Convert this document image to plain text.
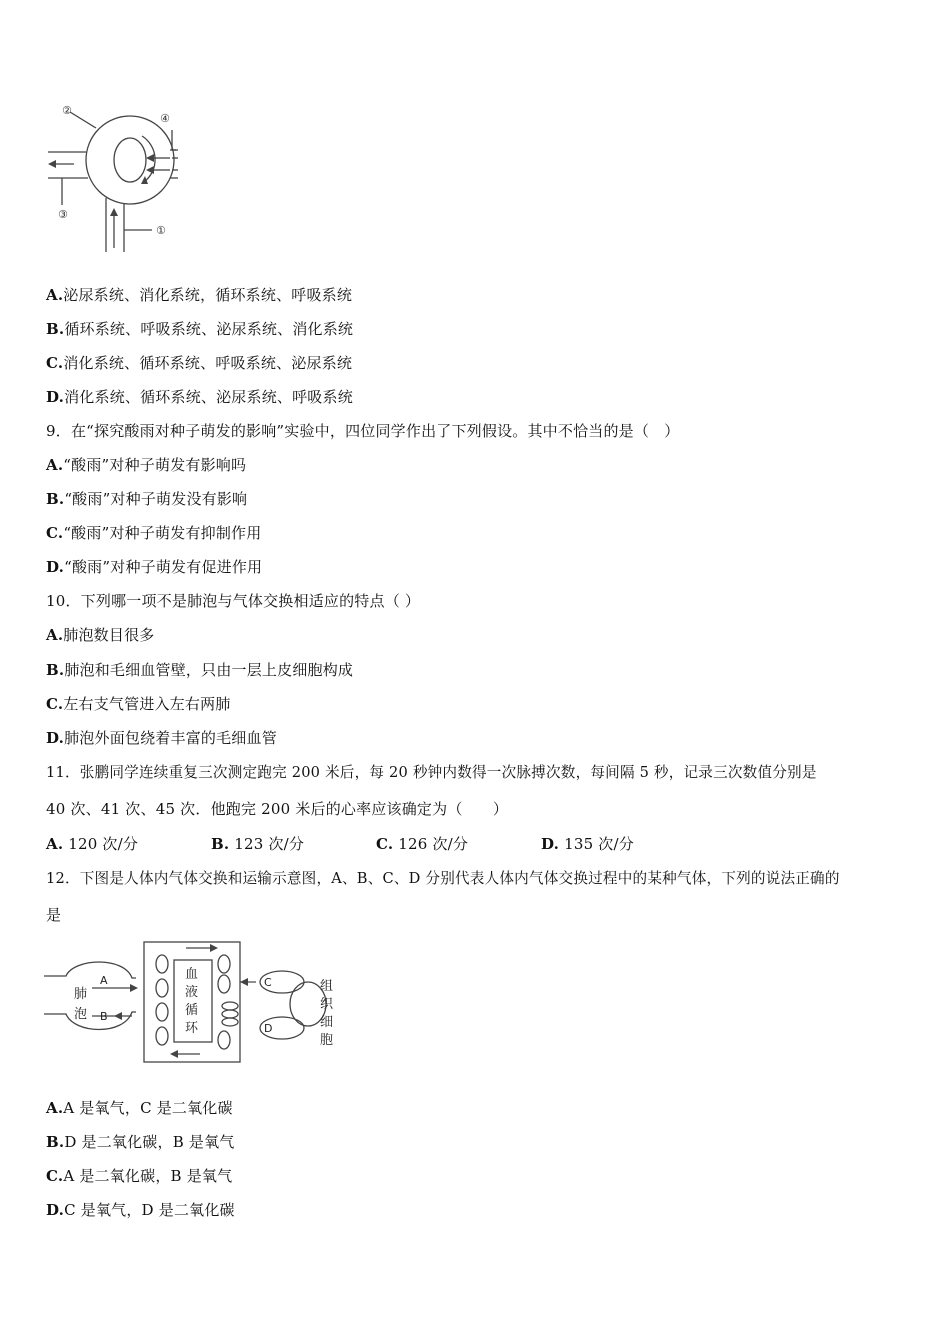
②
④
③
①
A.泌尿系统、消化系统，循环系统、呼吸系统
B.循环系统、呼吸系统、泌尿系统、消化系统
C.消化系统、循环系统、呼吸系统、泌尿系统
D.消化系统、循环系统、泌尿系统、呼吸系统
9．在“探究酸雨对种子萌发的影响”实验中，四位同学作出了下列假设。其中不恰当的是（　）
A.“酸雨”对种子萌发有影响吗
B.“酸雨”对种子萌发没有影响
C.“酸雨”对种子萌发有抑制作用
D.“酸雨”对种子萌发有促进作用
10．下列哪一项不是肺泡与气体交换相适应的特点（ ）
A.肺泡数目很多
B.肺泡和毛细血管壁，只由一层上皮细胞构成
C.左右支气管进入左右两肺
D.肺泡外面包绕着丰富的毛细血管
11．张鹏同学连续重复三次测定跑完 200 米后，每 20 秒钟内数得一次脉搏次数，每间隔 5 秒，记录三次数值分别是
40 次、41 次、45 次．他跑完 200 米后的心率应该确定为（　　）
A. 120 次/分	B. 123 次/分	C. 126 次/分	D. 135 次/分
12．下图是人体内气体交换和运输示意图，A、B、C、D 分别代表人体内气体交换过程中的某种气体，下列的说法正确的
是
肺
泡
血
液
循
环
组
织
细
胞
A
B
C
D
A.A 是氧气，C 是二氧化碳
B.D 是二氧化碳，B 是氧气
C.A 是二氧化碳，B 是氧气
D.C 是氧气，D 是二氧化碳
